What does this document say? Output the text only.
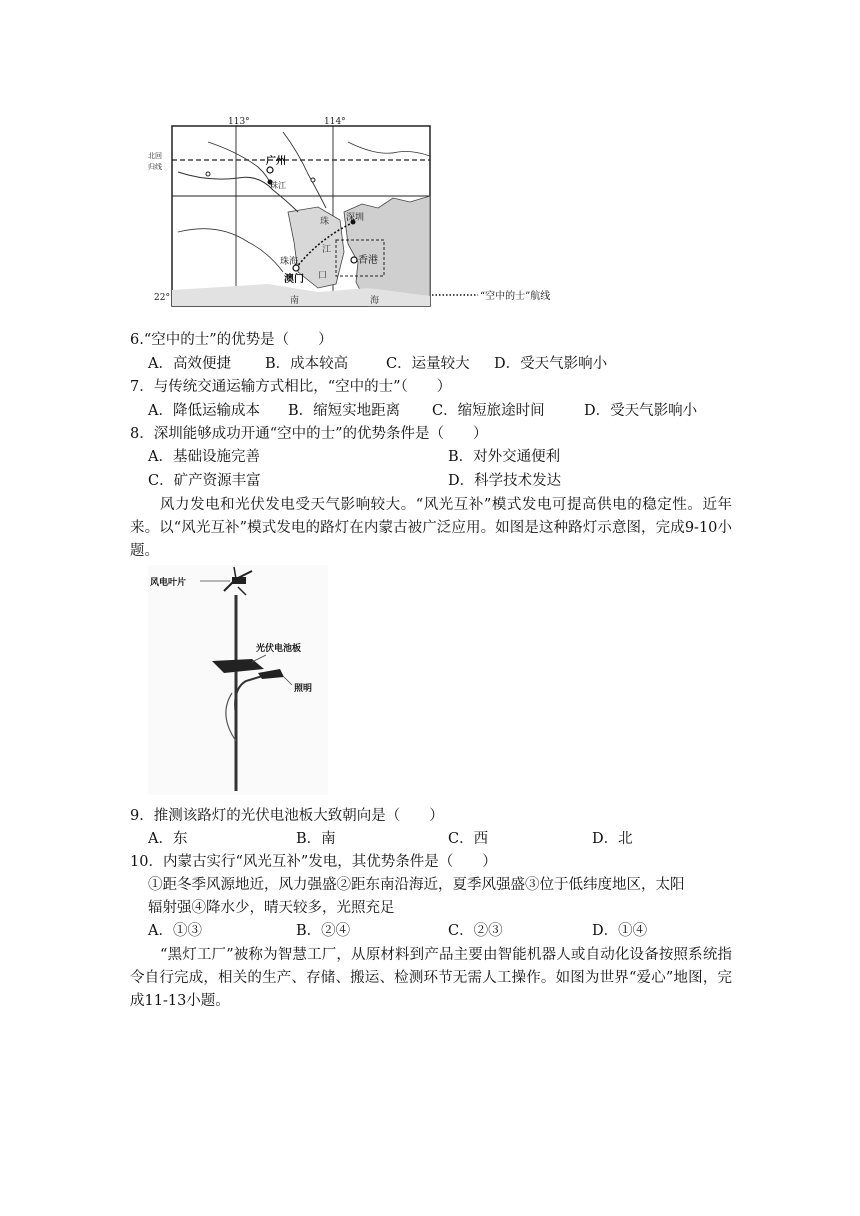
113°	114°
北回
归线
22°
广州
珠江
深圳
珠海
澳门
香港
珠
江
口
南	海	“空中的士”航线
6.“空中的士”的优势是（　　）
A．高效便捷 B．成本较高	C．运量较大 D．受天气影响小
7．与传统交通运输方式相比，“空中的士”（　　）
A．降低运输成本 B．缩短实地距离 C．缩短旅途时间	D．受天气影响小
8．深圳能够成功开通“空中的士”的优势条件是（　　）
A．基础设施完善	B．对外交通便利
C．矿产资源丰富	D．科学技术发达
风力发电和光伏发电受天气影响较大。“风光互补”模式发电可提高供电的稳定性。近年来。以“风光互补”模式发电的路灯在内蒙古被广泛应用。如图是这种路灯示意图，完成9-10小题。
风电叶片
光伏电池板
照明
9．推测该路灯的光伏电池板大致朝向是（　　）
A．东	B．南	C．西	D．北
10．内蒙古实行“风光互补”发电，其优势条件是（　　）
①距冬季风源地近，风力强盛②距东南沿海近，夏季风强盛③位于低纬度地区，太阳
辐射强④降水少，晴天较多，光照充足
A．①③	B．②④	C．②③	D．①④
“黑灯工厂”被称为智慧工厂，从原材料到产品主要由智能机器人或自动化设备按照系统指令自行完成，相关的生产、存储、搬运、检测环节无需人工操作。如图为世界“爱心”地图，完成11-13小题。
